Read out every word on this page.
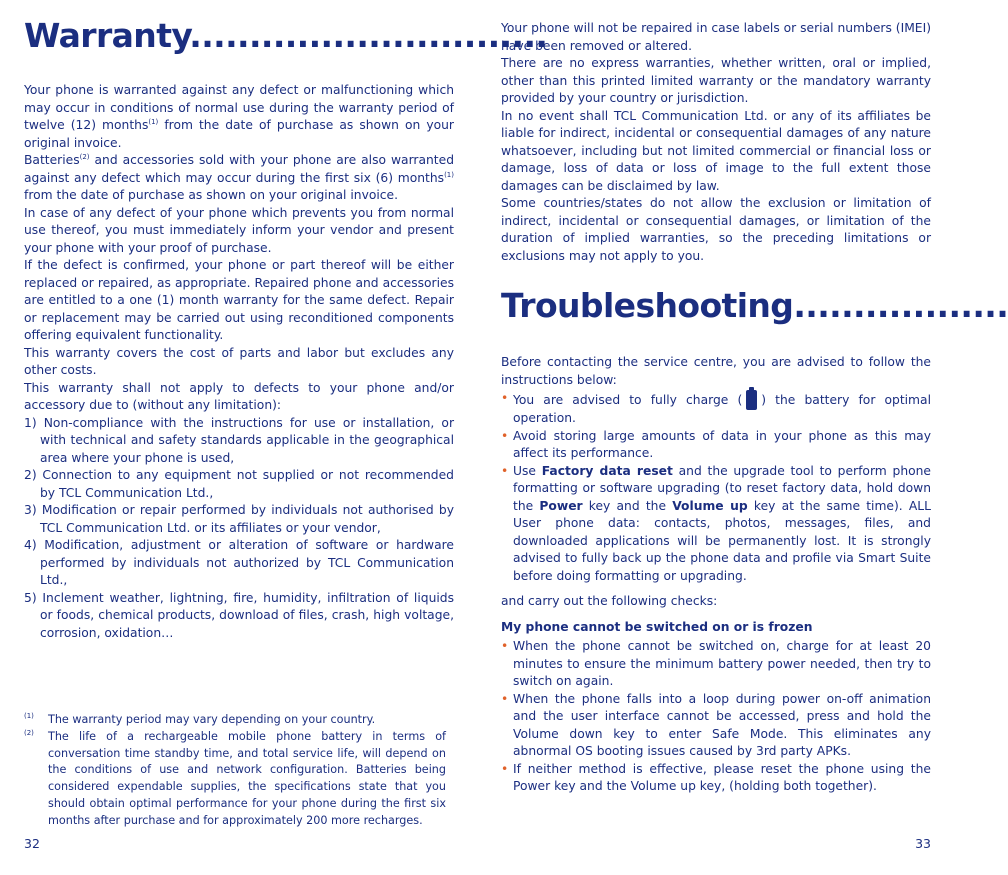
Warranty..............................

Your phone is warranted against any defect or malfunctioning which may occur in conditions of normal use during the warranty period of twelve (12) months$^{(1)}$ from the date of purchase as shown on your original invoice.

Batteries$^{(2)}$ and accessories sold with your phone are also warranted against any defect which may occur during the first six (6) months$^{(1)}$ from the date of purchase as shown on your original invoice.

In case of any defect of your phone which prevents you from normal use thereof, you must immediately inform your vendor and present your phone with your proof of purchase.

If the defect is confirmed, your phone or part thereof will be either replaced or repaired, as appropriate. Repaired phone and accessories are entitled to a one (1) month warranty for the same defect. Repair or replacement may be carried out using reconditioned components offering equivalent functionality.

This warranty covers the cost of parts and labor but excludes any other costs.

This warranty shall not apply to defects to your phone and/or accessory due to (without any limitation):

1) Non-compliance with the instructions for use or installation, or with technical and safety standards applicable in the geographical area where your phone is used,

2) Connection to any equipment not supplied or not recommended by TCL Communication Ltd.,

3) Modification or repair performed by individuals not authorised by TCL Communication Ltd. or its affiliates or your vendor,

4) Modification, adjustment or alteration of software or hardware performed by individuals not authorized by TCL Communication Ltd.,

5) Inclement weather, lightning, fire, humidity, infiltration of liquids or foods, chemical products, download of files, crash, high voltage, corrosion, oxidation…

(1) The warranty period may vary depending on your country.

(2) The life of a rechargeable mobile phone battery in terms of conversation time standby time, and total service life, will depend on the conditions of use and network configuration. Batteries being considered expendable supplies, the specifications state that you should obtain optimal performance for your phone during the first six months after purchase and for approximately 200 more recharges.

32

Your phone will not be repaired in case labels or serial numbers (IMEI) have been removed or altered.

There are no express warranties, whether written, oral or implied, other than this printed limited warranty or the mandatory warranty provided by your country or jurisdiction.

In no event shall TCL Communication Ltd. or any of its affiliates be liable for indirect, incidental or consequential damages of any nature whatsoever, including but not limited commercial or financial loss or damage, loss of data or loss of image to the full extent those damages can be disclaimed by law.

Some countries/states do not allow the exclusion or limitation of indirect, incidental or consequential damages, or limitation of the duration of implied warranties, so the preceding limitations or exclusions may not apply to you.

Troubleshooting..................

Before contacting the service centre, you are advised to follow the instructions below:

• You are advised to fully charge ( ) the battery for optimal operation.
• Avoid storing large amounts of data in your phone as this may affect its performance.
• Use Factory data reset and the upgrade tool to perform phone formatting or software upgrading (to reset factory data, hold down the Power key and the Volume up key at the same time). ALL User phone data: contacts, photos, messages, files, and downloaded applications will be permanently lost. It is strongly advised to fully back up the phone data and profile via Smart Suite before doing formatting or upgrading.

and carry out the following checks:

My phone cannot be switched on or is frozen

• When the phone cannot be switched on, charge for at least 20 minutes to ensure the minimum battery power needed, then try to switch on again.
• When the phone falls into a loop during power on-off animation and the user interface cannot be accessed, press and hold the Volume down key to enter Safe Mode. This eliminates any abnormal OS booting issues caused by 3rd party APKs.
• If neither method is effective, please reset the phone using the Power key and the Volume up key, (holding both together).
33
